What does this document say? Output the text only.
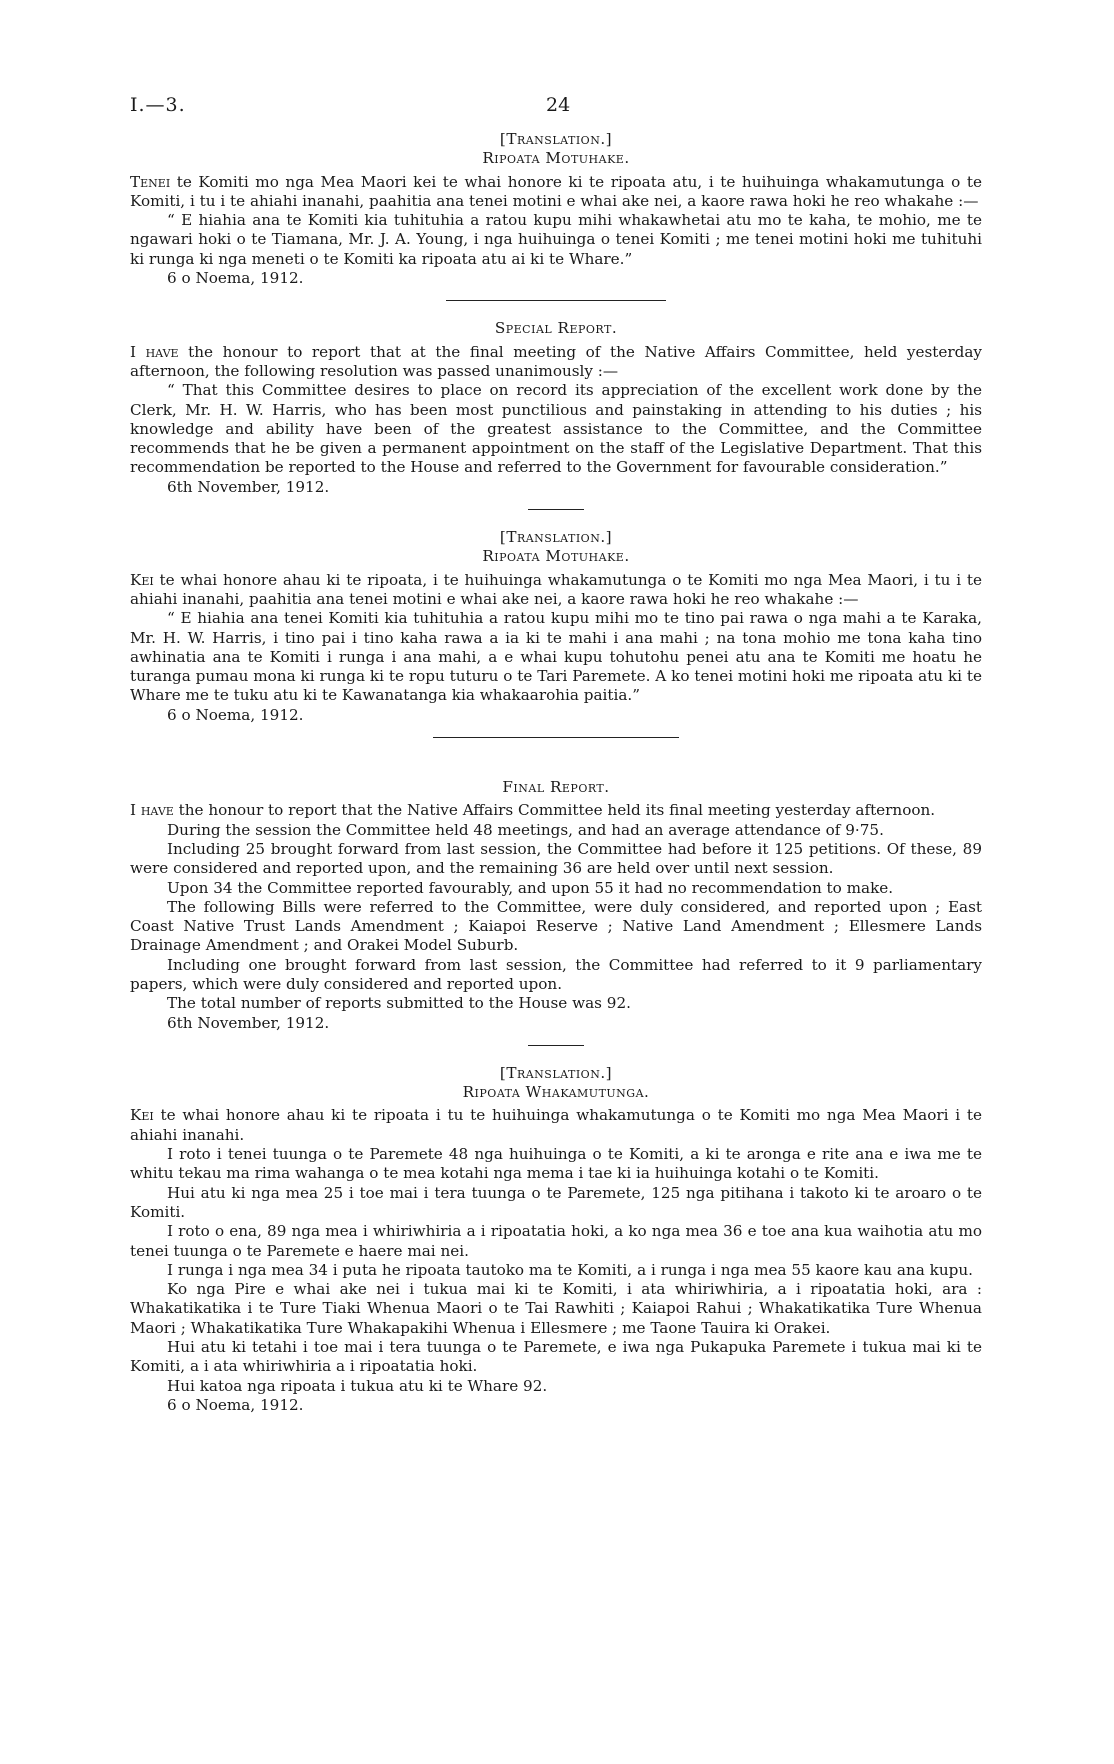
I.—3.	24
[Translation.]
Ripoata Motuhake.

Tenei te Komiti mo nga Mea Maori kei te whai honore ki te ripoata atu, i te huihuinga whakamutunga o te Komiti, i tu i te ahiahi inanahi, paahitia ana tenei motini e whai ake nei, a kaore rawa hoki he reo whakahe :—

“ E hiahia ana te Komiti kia tuhituhia a ratou kupu mihi whakawhetai atu mo te kaha, te mohio, me te ngawari hoki o te Tiamana, Mr. J. A. Young, i nga huihuinga o tenei Komiti ; me tenei motini hoki me tuhituhi ki runga ki nga meneti o te Komiti ka ripoata atu ai ki te Whare.”

6 o Noema, 1912.
Special Report.

I have the honour to report that at the final meeting of the Native Affairs Committee, held yesterday afternoon, the following resolution was passed unanimously :—

“ That this Committee desires to place on record its appreciation of the excellent work done by the Clerk, Mr. H. W. Harris, who has been most punctilious and painstaking in attending to his duties ; his knowledge and ability have been of the greatest assistance to the Committee, and the Committee recommends that he be given a permanent appointment on the staff of the Legislative Department. That this recommendation be reported to the House and referred to the Government for favourable consideration.”

6th November, 1912.
[Translation.]
Ripoata Motuhake.

Kei te whai honore ahau ki te ripoata, i te huihuinga whakamutunga o te Komiti mo nga Mea Maori, i tu i te ahiahi inanahi, paahitia ana tenei motini e whai ake nei, a kaore rawa hoki he reo whakahe :—

“ E hiahia ana tenei Komiti kia tuhituhia a ratou kupu mihi mo te tino pai rawa o nga mahi a te Karaka, Mr. H. W. Harris, i tino pai i tino kaha rawa a ia ki te mahi i ana mahi ; na tona mohio me tona kaha tino awhinatia ana te Komiti i runga i ana mahi, a e whai kupu tohutohu penei atu ana te Komiti me hoatu he turanga pumau mona ki runga ki te ropu tuturu o te Tari Paremete. A ko tenei motini hoki me ripoata atu ki te Whare me te tuku atu ki te Kawanatanga kia whakaarohia paitia.”

6 o Noema, 1912.
Final Report.

I have the honour to report that the Native Affairs Committee held its final meeting yesterday afternoon.

During the session the Committee held 48 meetings, and had an average attendance of 9·75.

Including 25 brought forward from last session, the Committee had before it 125 petitions. Of these, 89 were considered and reported upon, and the remaining 36 are held over until next session.

Upon 34 the Committee reported favourably, and upon 55 it had no recommendation to make.

The following Bills were referred to the Committee, were duly considered, and reported upon ; East Coast Native Trust Lands Amendment ; Kaiapoi Reserve ; Native Land Amendment ; Ellesmere Lands Drainage Amendment ; and Orakei Model Suburb.

Including one brought forward from last session, the Committee had referred to it 9 parliamentary papers, which were duly considered and reported upon.

The total number of reports submitted to the House was 92.

6th November, 1912.
[Translation.]
Ripoata Whakamutunga.

Kei te whai honore ahau ki te ripoata i tu te huihuinga whakamutunga o te Komiti mo nga Mea Maori i te ahiahi inanahi.

I roto i tenei tuunga o te Paremete 48 nga huihuinga o te Komiti, a ki te aronga e rite ana e iwa me te whitu tekau ma rima wahanga o te mea kotahi nga mema i tae ki ia huihuinga kotahi o te Komiti.

Hui atu ki nga mea 25 i toe mai i tera tuunga o te Paremete, 125 nga pitihana i takoto ki te aroaro o te Komiti.

I roto o ena, 89 nga mea i whiriwhiria a i ripoatatia hoki, a ko nga mea 36 e toe ana kua waihotia atu mo tenei tuunga o te Paremete e haere mai nei.

I runga i nga mea 34 i puta he ripoata tautoko ma te Komiti, a i runga i nga mea 55 kaore kau ana kupu.

Ko nga Pire e whai ake nei i tukua mai ki te Komiti, i ata whiriwhiria, a i ripoatatia hoki, ara : Whakatikatika i te Ture Tiaki Whenua Maori o te Tai Rawhiti ; Kaiapoi Rahui ; Whakatikatika Ture Whenua Maori ; Whakatikatika Ture Whakapakihi Whenua i Ellesmere ; me Taone Tauira ki Orakei.

Hui atu ki tetahi i toe mai i tera tuunga o te Paremete, e iwa nga Pukapuka Paremete i tukua mai ki te Komiti, a i ata whiriwhiria a i ripoatatia hoki.

Hui katoa nga ripoata i tukua atu ki te Whare 92.

6 o Noema, 1912.
